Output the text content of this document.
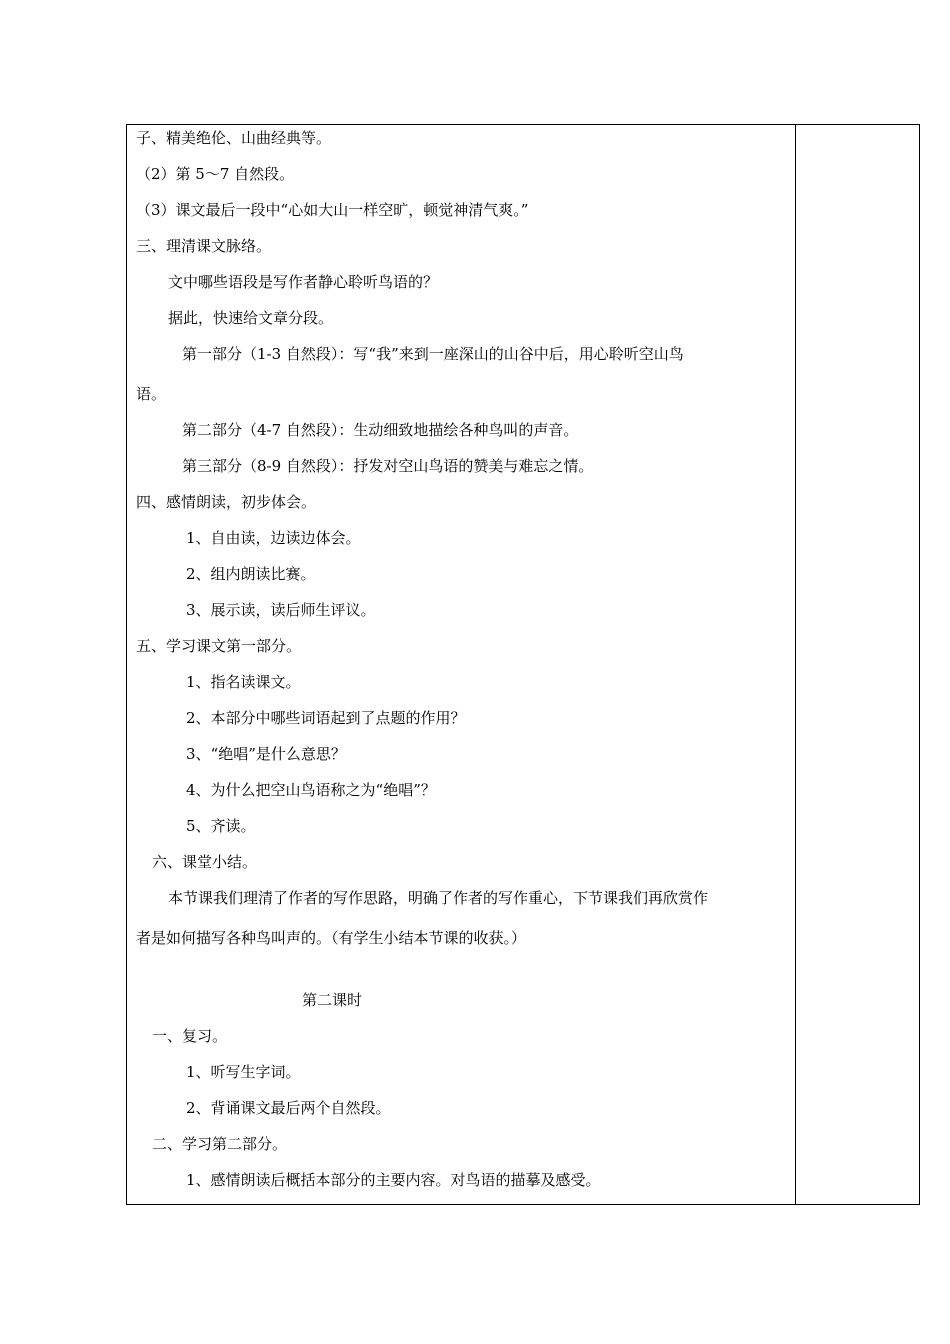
子、精美绝伦、山曲经典等。
（2）第 5～7 自然段。
（3）课文最后一段中“心如大山一样空旷，顿觉神清气爽。”
三、理清课文脉络。
文中哪些语段是写作者静心聆听鸟语的？
据此，快速给文章分段。
第一部分（1-3 自然段）：写“我”来到一座深山的山谷中后，用心聆听空山鸟
语。
第二部分（4-7 自然段）：生动细致地描绘各种鸟叫的声音。
第三部分（8-9 自然段）：抒发对空山鸟语的赞美与难忘之情。
四、感情朗读，初步体会。
1、自由读，边读边体会。
2、组内朗读比赛。
3、展示读，读后师生评议。
五、学习课文第一部分。
1、指名读课文。
2、本部分中哪些词语起到了点题的作用？
3、“绝唱”是什么意思？
4、为什么把空山鸟语称之为“绝唱”？
5、齐读。
六、课堂小结。
本节课我们理清了作者的写作思路，明确了作者的写作重心，下节课我们再欣赏作
者是如何描写各种鸟叫声的。（有学生小结本节课的收获。）
第二课时
一、复习。
1、听写生字词。
2、背诵课文最后两个自然段。
二、学习第二部分。
1、感情朗读后概括本部分的主要内容。对鸟语的描摹及感受。
